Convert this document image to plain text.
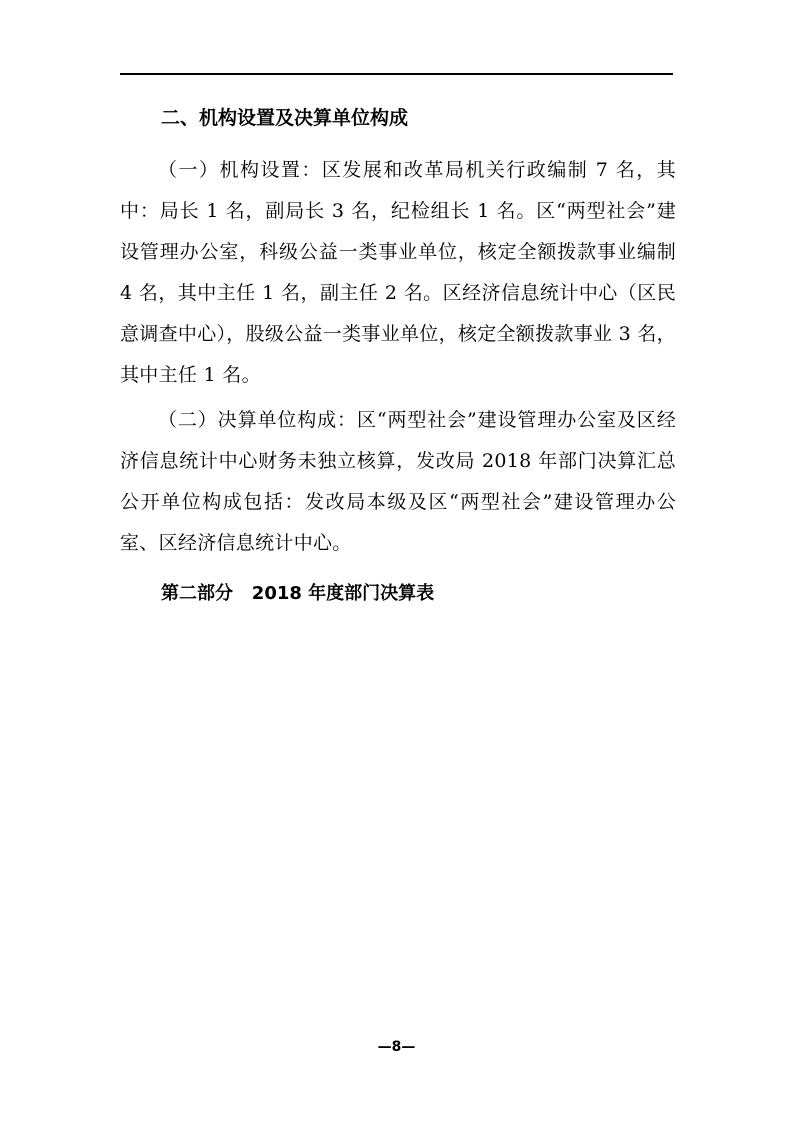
二、机构设置及决算单位构成

（一）机构设置：区发展和改革局机关行政编制 7 名，其中：局长 1 名，副局长 3 名，纪检组长 1 名。区“两型社会”建设管理办公室，科级公益一类事业单位，核定全额拨款事业编制 4 名，其中主任 1 名，副主任 2 名。区经济信息统计中心（区民意调查中心），股级公益一类事业单位，核定全额拨款事业 3 名，其中主任 1 名。

（二）决算单位构成：区“两型社会”建设管理办公室及区经济信息统计中心财务未独立核算，发改局 2018 年部门决算汇总公开单位构成包括：发改局本级及区“两型社会”建设管理办公室、区经济信息统计中心。

第二部分   2018 年度部门决算表
—8—
